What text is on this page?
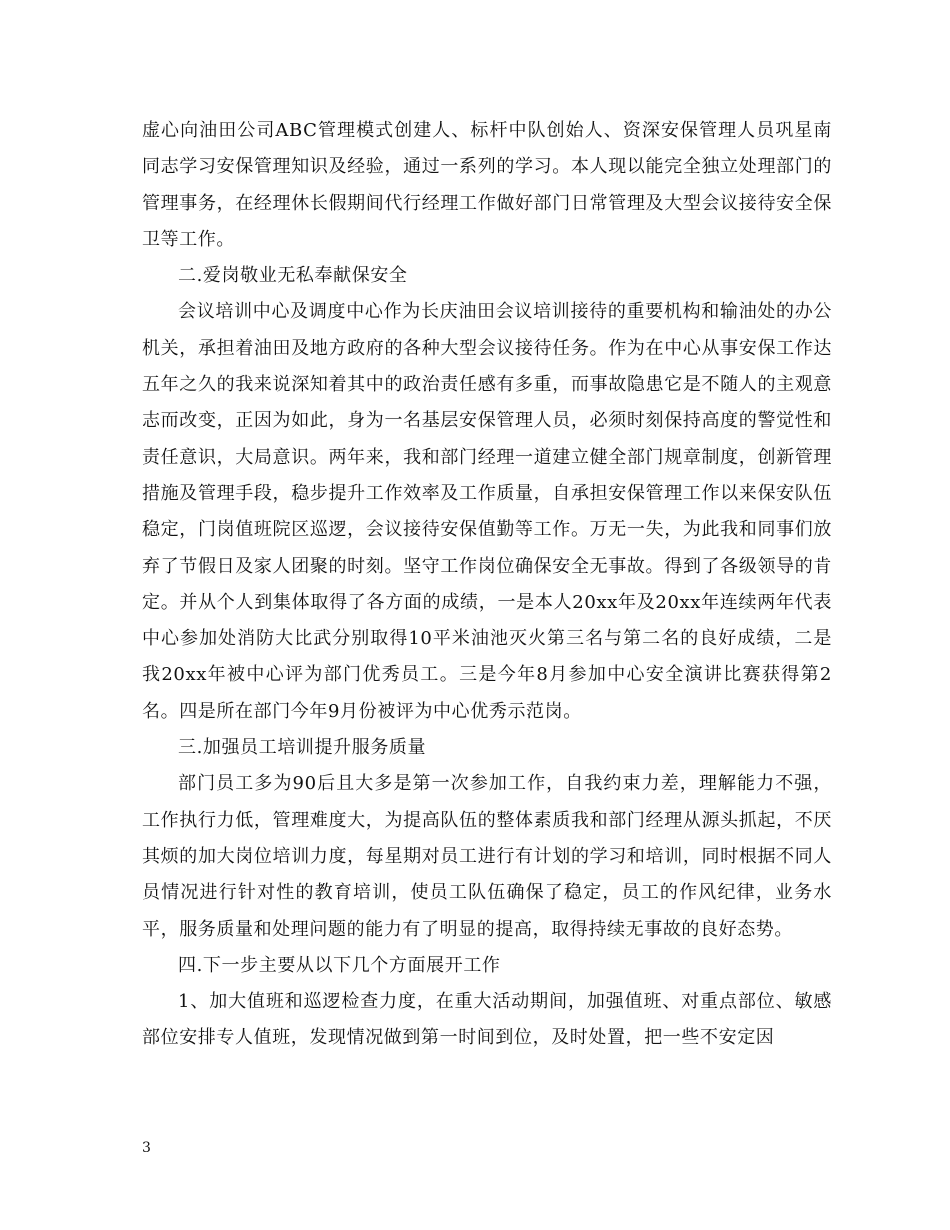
虚心向油田公司ABC管理模式创建人、标杆中队创始人、资深安保管理人员巩星南同志学习安保管理知识及经验，通过一系列的学习。本人现以能完全独立处理部门的管理事务，在经理休长假期间代行经理工作做好部门日常管理及大型会议接待安全保卫等工作。

二.爱岗敬业无私奉献保安全

会议培训中心及调度中心作为长庆油田会议培训接待的重要机构和输油处的办公机关，承担着油田及地方政府的各种大型会议接待任务。作为在中心从事安保工作达五年之久的我来说深知着其中的政治责任感有多重，而事故隐患它是不随人的主观意志而改变，正因为如此，身为一名基层安保管理人员，必须时刻保持高度的警觉性和责任意识，大局意识。两年来，我和部门经理一道建立健全部门规章制度，创新管理措施及管理手段，稳步提升工作效率及工作质量，自承担安保管理工作以来保安队伍稳定，门岗值班院区巡逻，会议接待安保值勤等工作。万无一失，为此我和同事们放弃了节假日及家人团聚的时刻。坚守工作岗位确保安全无事故。得到了各级领导的肯定。并从个人到集体取得了各方面的成绩，一是本人20xx年及20xx年连续两年代表中心参加处消防大比武分别取得10平米油池灭火第三名与第二名的良好成绩，二是我20xx年被中心评为部门优秀员工。三是今年8月参加中心安全演讲比赛获得第2名。四是所在部门今年9月份被评为中心优秀示范岗。

三.加强员工培训提升服务质量

部门员工多为90后且大多是第一次参加工作，自我约束力差，理解能力不强，工作执行力低，管理难度大，为提高队伍的整体素质我和部门经理从源头抓起，不厌其烦的加大岗位培训力度，每星期对员工进行有计划的学习和培训，同时根据不同人员情况进行针对性的教育培训，使员工队伍确保了稳定，员工的作风纪律，业务水平，服务质量和处理问题的能力有了明显的提高，取得持续无事故的良好态势。

四.下一步主要从以下几个方面展开工作

1、加大值班和巡逻检查力度，在重大活动期间，加强值班、对重点部位、敏感部位安排专人值班，发现情况做到第一时间到位，及时处置，把一些不安定因

3
